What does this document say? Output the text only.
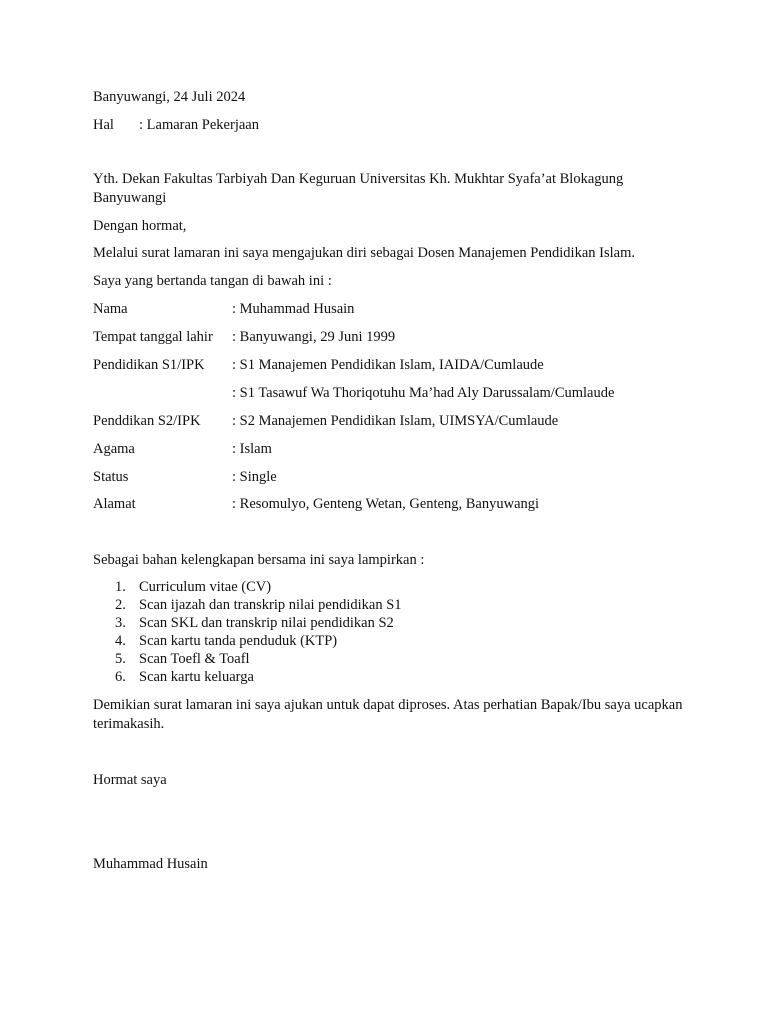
Banyuwangi, 24 Juli 2024
Hal : Lamaran Pekerjaan
Yth. Dekan Fakultas Tarbiyah Dan Keguruan Universitas Kh. Mukhtar Syafa’at Blokagung Banyuwangi
Dengan hormat,
Melalui surat lamaran ini saya mengajukan diri sebagai Dosen Manajemen Pendidikan Islam.
Saya yang bertanda tangan di bawah ini :
Nama	: Muhammad Husain
Tempat tanggal lahir : Banyuwangi, 29 Juni 1999
Pendidikan S1/IPK : S1 Manajemen Pendidikan Islam, IAIDA/Cumlaude
: S1 Tasawuf Wa Thoriqotuhu Ma’had Aly Darussalam/Cumlaude
Penddikan S2/IPK : S2 Manajemen Pendidikan Islam, UIMSYA/Cumlaude
Agama	: Islam
Status	: Single
Alamat	: Resomulyo, Genteng Wetan, Genteng, Banyuwangi
Sebagai bahan kelengkapan bersama ini saya lampirkan :
1. Curriculum vitae (CV)
2. Scan ijazah dan transkrip nilai pendidikan S1
3. Scan SKL dan transkrip nilai pendidikan S2
4. Scan kartu tanda penduduk (KTP)
5. Scan Toefl & Toafl
6. Scan kartu keluarga
Demikian surat lamaran ini saya ajukan untuk dapat diproses. Atas perhatian Bapak/Ibu saya ucapkan terimakasih.
Hormat saya
Muhammad Husain
